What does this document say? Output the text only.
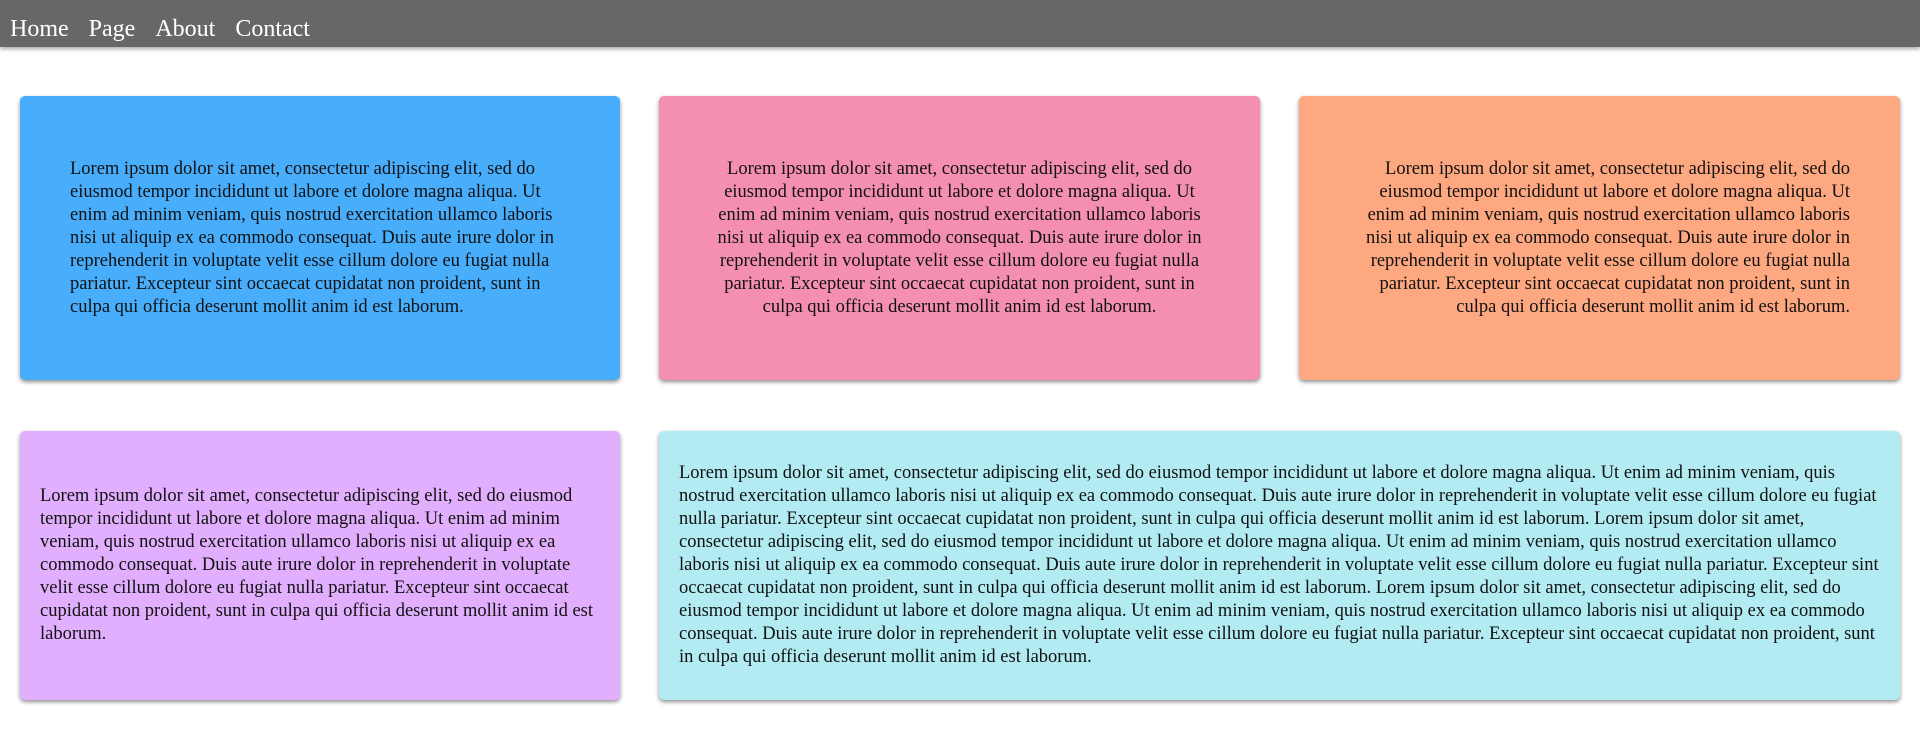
Home Page About Contact

Lorem ipsum dolor sit amet, consectetur adipiscing elit, sed do eiusmod tempor incididunt ut labore et dolore magna aliqua. Ut enim ad minim veniam, quis nostrud exercitation ullamco laboris nisi ut aliquip ex ea commodo consequat. Duis aute irure dolor in reprehenderit in voluptate velit esse cillum dolore eu fugiat nulla pariatur. Excepteur sint occaecat cupidatat non proident, sunt in culpa qui officia deserunt mollit anim id est laborum.

Lorem ipsum dolor sit amet, consectetur adipiscing elit, sed do eiusmod tempor incididunt ut labore et dolore magna aliqua. Ut enim ad minim veniam, quis nostrud exercitation ullamco laboris nisi ut aliquip ex ea commodo consequat. Duis aute irure dolor in reprehenderit in voluptate velit esse cillum dolore eu fugiat nulla pariatur. Excepteur sint occaecat cupidatat non proident, sunt in culpa qui officia deserunt mollit anim id est laborum.

Lorem ipsum dolor sit amet, consectetur adipiscing elit, sed do eiusmod tempor incididunt ut labore et dolore magna aliqua. Ut enim ad minim veniam, quis nostrud exercitation ullamco laboris nisi ut aliquip ex ea commodo consequat. Duis aute irure dolor in reprehenderit in voluptate velit esse cillum dolore eu fugiat nulla pariatur. Excepteur sint occaecat cupidatat non proident, sunt in culpa qui officia deserunt mollit anim id est laborum.

Lorem ipsum dolor sit amet, consectetur adipiscing elit, sed do eiusmod tempor incididunt ut labore et dolore magna aliqua. Ut enim ad minim veniam, quis nostrud exercitation ullamco laboris nisi ut aliquip ex ea commodo consequat. Duis aute irure dolor in reprehenderit in voluptate velit esse cillum dolore eu fugiat nulla pariatur. Excepteur sint occaecat cupidatat non proident, sunt in culpa qui officia deserunt mollit anim id est laborum.

Lorem ipsum dolor sit amet, consectetur adipiscing elit, sed do eiusmod tempor incididunt ut labore et dolore magna aliqua. Ut enim ad minim veniam, quis nostrud exercitation ullamco laboris nisi ut aliquip ex ea commodo consequat. Duis aute irure dolor in reprehenderit in voluptate velit esse cillum dolore eu fugiat nulla pariatur. Excepteur sint occaecat cupidatat non proident, sunt in culpa qui officia deserunt mollit anim id est laborum. Lorem ipsum dolor sit amet, consectetur adipiscing elit, sed do eiusmod tempor incididunt ut labore et dolore magna aliqua. Ut enim ad minim veniam, quis nostrud exercitation ullamco laboris nisi ut aliquip ex ea commodo consequat. Duis aute irure dolor in reprehenderit in voluptate velit esse cillum dolore eu fugiat nulla pariatur. Excepteur sint occaecat cupidatat non proident, sunt in culpa qui officia deserunt mollit anim id est laborum. Lorem ipsum dolor sit amet, consectetur adipiscing elit, sed do eiusmod tempor incididunt ut labore et dolore magna aliqua. Ut enim ad minim veniam, quis nostrud exercitation ullamco laboris nisi ut aliquip ex ea commodo consequat. Duis aute irure dolor in reprehenderit in voluptate velit esse cillum dolore eu fugiat nulla pariatur. Excepteur sint occaecat cupidatat non proident, sunt in culpa qui officia deserunt mollit anim id est laborum.
